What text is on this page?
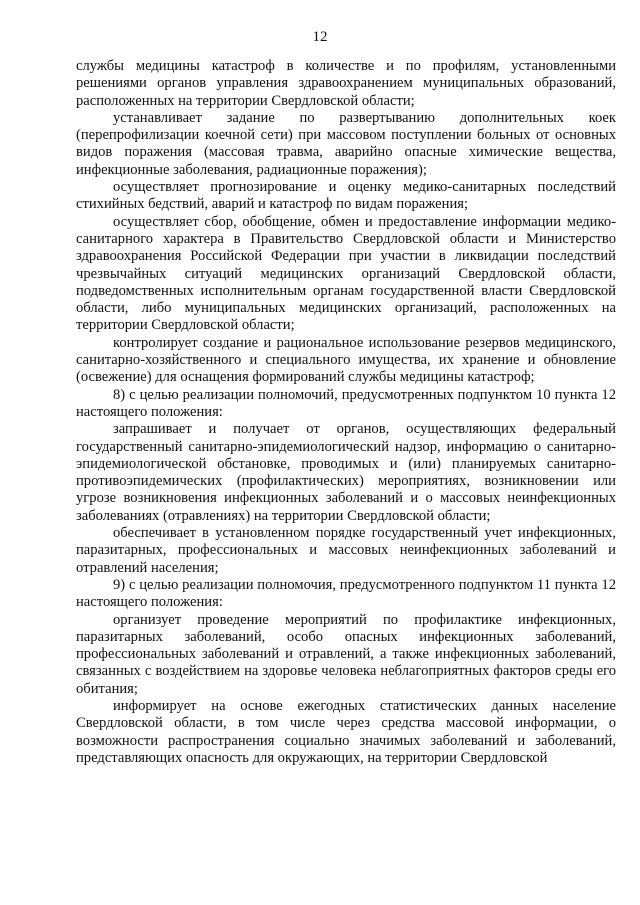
12

службы медицины катастроф в количестве и по профилям, установленными решениями органов управления здравоохранением муниципальных образований, расположенных на территории Свердловской области;

устанавливает задание по развертыванию дополнительных коек (перепрофилизации коечной сети) при массовом поступлении больных от основных видов поражения (массовая травма, аварийно опасные химические вещества, инфекционные заболевания, радиационные поражения);

осуществляет прогнозирование и оценку медико-санитарных последствий стихийных бедствий, аварий и катастроф по видам поражения;

осуществляет сбор, обобщение, обмен и предоставление информации медико-санитарного характера в Правительство Свердловской области и Министерство здравоохранения Российской Федерации при участии в ликвидации последствий чрезвычайных ситуаций медицинских организаций Свердловской области, подведомственных исполнительным органам государственной власти Свердловской области, либо муниципальных медицинских организаций, расположенных на территории Свердловской области;

контролирует создание и рациональное использование резервов медицинского, санитарно-хозяйственного и специального имущества, их хранение и обновление (освежение) для оснащения формирований службы медицины катастроф;

8) с целью реализации полномочий, предусмотренных подпунктом 10 пункта 12 настоящего положения:

запрашивает и получает от органов, осуществляющих федеральный государственный санитарно-эпидемиологический надзор, информацию о санитарно-эпидемиологической обстановке, проводимых и (или) планируемых санитарно-противоэпидемических (профилактических) мероприятиях, возникновении или угрозе возникновения инфекционных заболеваний и о массовых неинфекционных заболеваниях (отравлениях) на территории Свердловской области;

обеспечивает в установленном порядке государственный учет инфекционных, паразитарных, профессиональных и массовых неинфекционных заболеваний и отравлений населения;

9) с целью реализации полномочия, предусмотренного подпунктом 11 пункта 12 настоящего положения:

организует проведение мероприятий по профилактике инфекционных, паразитарных заболеваний, особо опасных инфекционных заболеваний, профессиональных заболеваний и отравлений, а также инфекционных заболеваний, связанных с воздействием на здоровье человека неблагоприятных факторов среды его обитания;

информирует на основе ежегодных статистических данных население Свердловской области, в том числе через средства массовой информации, о возможности распространения социально значимых заболеваний и заболеваний, представляющих опасность для окружающих, на территории Свердловской
